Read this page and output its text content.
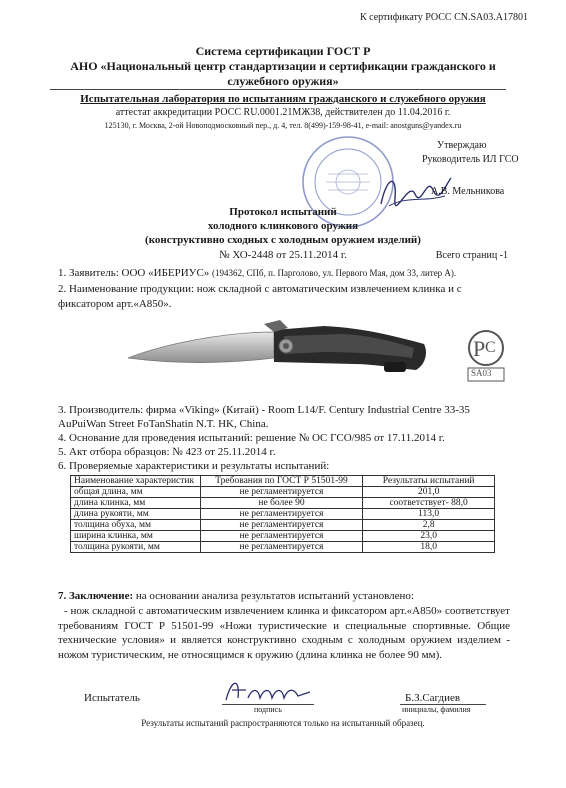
К сертификату РОСС CN.SA03.A17801

Система сертификации ГОСТ Р

АНО «Национальный центр стандартизации и сертификации гражданского и

служебного оружия»

Испытательная лаборатория по испытаниям гражданского и служебного оружия

аттестат аккредитации РОСС RU.0001.21МЖ38, действителен до 11.04.2016 г.

125130, г. Москва, 2-ой Новоподмосковный пер., д. 4, тел. 8(499)-159-98-41, e-mail: anostguns@yandex.ru

Утверждаю

Руководитель ИЛ ГСО

А.В. Мельникова

Протокол испытаний

холодного клинкового оружия

(конструктивно сходных с холодным оружием изделий)

№ ХО-2448 от 25.11.2014 г.	Всего страниц -1

1. Заявитель: ООО «ИБЕРИУС» (194362, СПб, п. Парголово, ул. Первого Мая, дом 33, литер А).

2. Наименование продукции: нож складной с автоматическим извлечением клинка и с

фиксатором арт.«А850».

P C

SA03

3. Производитель: фирма «Viking» (Китай) - Room L14/F. Century Industrial Centre 33-35

AuPuiWan Street FoTanShatin N.T. HK, China.

4. Основание для проведения испытаний: решение № ОС ГСО/985 от 17.11.2014 г.

5. Акт отбора образцов: № 423 от 25.11.2014 г.

6. Проверяемые характеристики и результаты испытаний:

Наименование характеристик	Требования по ГОСТ Р 51501-99	Результаты испытаний
общая длина, мм	не регламентируется	201,0
длина клинка, мм	не более 90	соответствует- 88,0
длина рукояти, мм	не регламентируется	113,0
толщина обуха, мм	не регламентируется	2,8
ширина клинка, мм	не регламентируется	23,0
толщина рукояти, мм	не регламентируется	18,0

7. Заключение: на основании анализа результатов испытаний установлено:

- нож складной с автоматическим извлечением клинка и фиксатором арт.«А850» соответствует требованиям ГОСТ Р 51501-99 «Ножи туристические и специальные спортивные. Общие технические условия» и является конструктивно сходным с холодным оружием изделием - ножом туристическим, не относящимся к оружию (длина клинка не более 90 мм).

Испытатель

подпись

Б.З.Сагдиев

инициалы, фамилия

Результаты испытаний распространяются только на испытанный образец.
